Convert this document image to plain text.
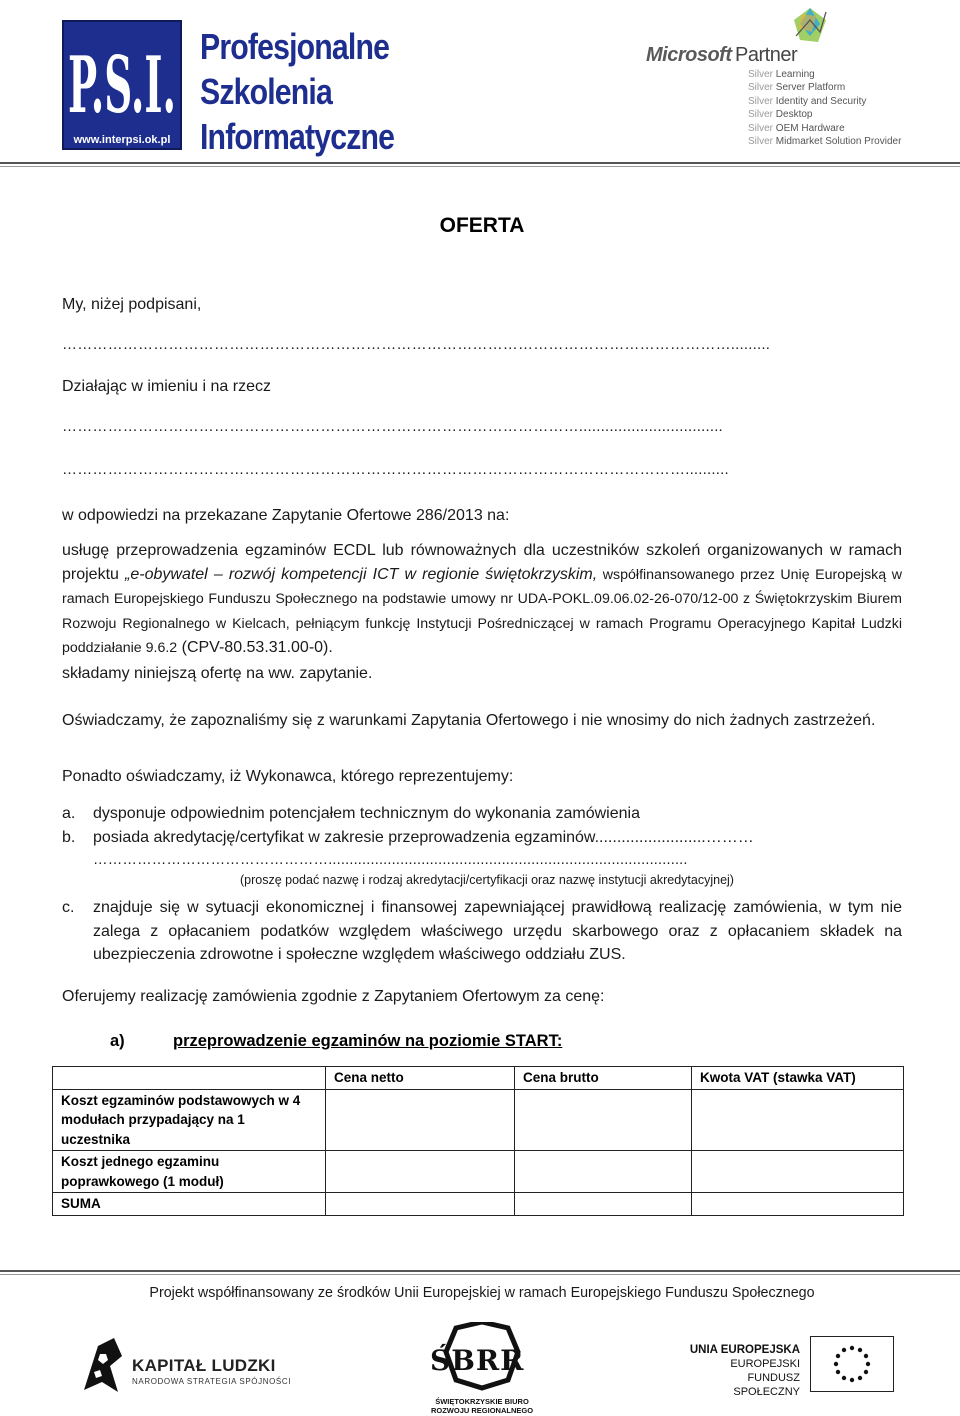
P.S.I.
www.interpsi.ok.pl
Profesjonalne
Szkolenia
Informatyczne
Microsoft  Partner
Silver Learning
Silver Server Platform
Silver Identity and Security
Silver Desktop
Silver OEM Hardware
Silver Midmarket Solution Provider
OFERTA
My, niżej podpisani,
…………………………………………………………………………………………………………………….........
Działając w imieniu i na rzecz
………………………………………………………………………………………….................................
……………………………………………………………………………………………………………..........
w odpowiedzi na przekazane Zapytanie Ofertowe 286/2013 na:
usługę przeprowadzenia egzaminów ECDL lub równoważnych dla uczestników szkoleń organizowanych w ramach projektu „e-obywatel – rozwój kompetencji ICT w regionie świętokrzyskim, współfinansowanego przez Unię Europejską w ramach Europejskiego Funduszu Społecznego na podstawie umowy nr UDA-POKL.09.06.02-26-070/12-00 z Świętokrzyskim Biurem Rozwoju Regionalnego w Kielcach, pełniącym funkcję Instytucji Pośredniczącej w ramach Programu Operacyjnego Kapitał Ludzki poddziałanie 9.6.2 (CPV-80.53.31.00-0).
składamy niniejszą ofertę na ww. zapytanie.
Oświadczamy, że zapoznaliśmy się z warunkami Zapytania Ofertowego i nie wnosimy do nich żadnych zastrzeżeń.
Ponadto oświadczamy, iż Wykonawca, którego reprezentujemy:
a. dysponuje odpowiednim potencjałem technicznym do wykonania zamówienia
b. posiada akredytację/certyfikat w zakresie przeprowadzenia egzaminów.........................………
………………………………………….....................................................................................
(proszę podać nazwę i rodzaj akredytacji/certyfikacji oraz nazwę instytucji akredytacyjnej)
c. znajduje się w sytuacji ekonomicznej i finansowej zapewniającej prawidłową realizację zamówienia, w tym nie zalega z opłacaniem podatków względem właściwego urzędu skarbowego oraz z opłacaniem składek na ubezpieczenia zdrowotne i społeczne względem właściwego oddziału ZUS.
Oferujemy realizację zamówienia zgodnie z Zapytaniem Ofertowym za cenę:
a)	przeprowadzenie egzaminów na poziomie START:
	Cena netto	Cena brutto	Kwota VAT (stawka VAT)
Koszt egzaminów podstawowych w 4 modułach przypadający na 1 uczestnika			
Koszt jednego egzaminu poprawkowego (1 moduł)			
SUMA			
Projekt współfinansowany ze środków Unii Europejskiej w ramach Europejskiego Funduszu Społecznego
KAPITAŁ LUDZKI
NARODOWA STRATEGIA SPÓJNOŚCI
ŚBRR
ŚWIĘTOKRZYSKIE BIURO
ROZWOJU REGIONALNEGO
UNIA EUROPEJSKA
EUROPEJSKI
FUNDUSZ SPOŁECZNY
